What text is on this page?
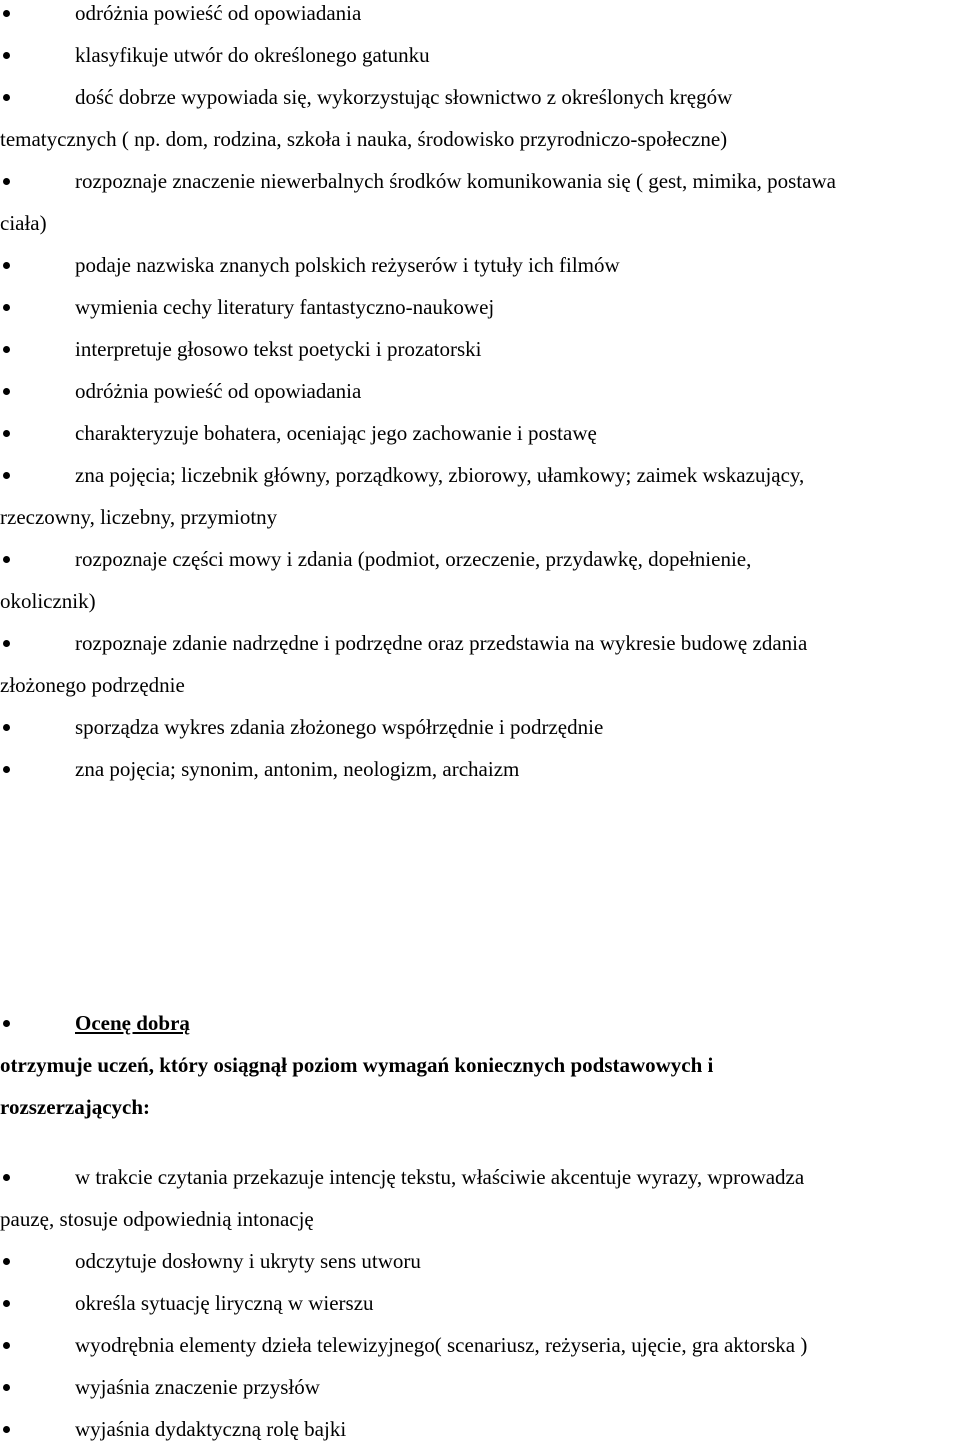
odróżnia powieść od opowiadania
klasyfikuje utwór do określonego gatunku
dość dobrze wypowiada się, wykorzystując słownictwo z określonych kręgów
tematycznych ( np. dom, rodzina, szkoła i nauka, środowisko przyrodniczo-społeczne)
rozpoznaje znaczenie niewerbalnych środków komunikowania się ( gest, mimika, postawa
ciała)
podaje nazwiska znanych polskich reżyserów i tytuły ich filmów
wymienia cechy literatury fantastyczno-naukowej
interpretuje głosowo tekst poetycki i prozatorski
odróżnia powieść od opowiadania
charakteryzuje bohatera, oceniając jego zachowanie i postawę
zna pojęcia; liczebnik główny, porządkowy, zbiorowy, ułamkowy; zaimek wskazujący,
rzeczowny, liczebny, przymiotny
rozpoznaje części mowy i zdania (podmiot, orzeczenie, przydawkę, dopełnienie,
okolicznik)
rozpoznaje zdanie nadrzędne i podrzędne oraz przedstawia na wykresie budowę zdania
złożonego podrzędnie
sporządza wykres zdania złożonego współrzędnie i podrzędnie
zna pojęcia; synonim, antonim, neologizm, archaizm
Ocenę dobrą
otrzymuje uczeń, który osiągnął poziom wymagań koniecznych podstawowych i
rozszerzających:
w trakcie czytania przekazuje intencję tekstu, właściwie akcentuje wyrazy, wprowadza
pauzę, stosuje odpowiednią intonację
odczytuje dosłowny i ukryty sens utworu
określa sytuację liryczną w wierszu
wyodrębnia elementy dzieła telewizyjnego( scenariusz, reżyseria, ujęcie, gra aktorska )
wyjaśnia znaczenie przysłów
wyjaśnia dydaktyczną rolę bajki
